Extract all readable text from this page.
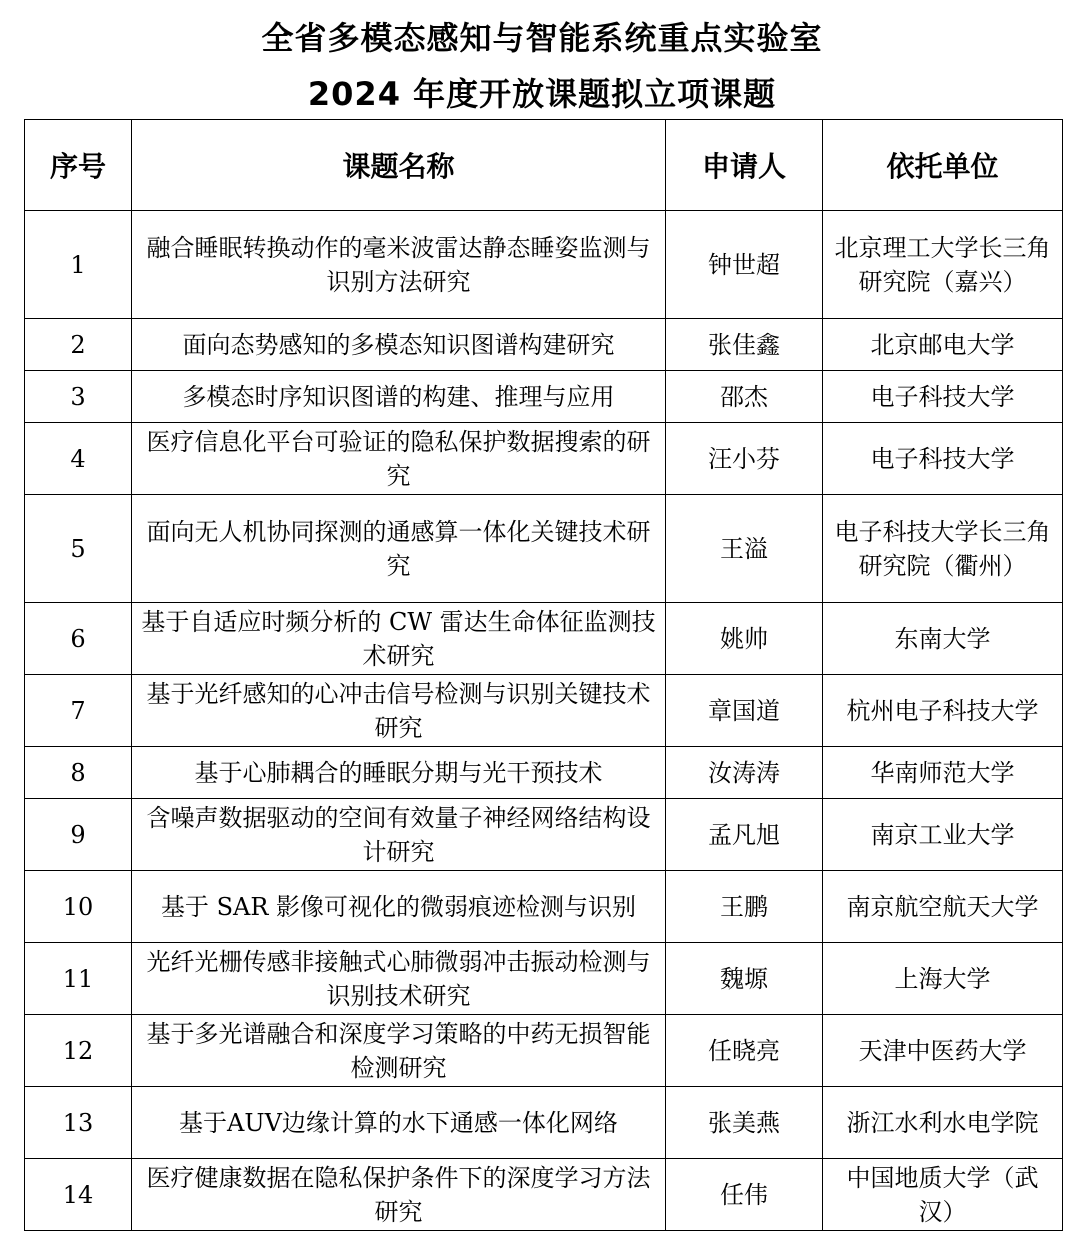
全省多模态感知与智能系统重点实验室
2024 年度开放课题拟立项课题
序号	课题名称	申请人	依托单位
1	融合睡眠转换动作的毫米波雷达静态睡姿监测与识别方法研究	钟世超	北京理工大学长三角研究院（嘉兴）
2	面向态势感知的多模态知识图谱构建研究	张佳鑫	北京邮电大学
3	多模态时序知识图谱的构建、推理与应用	邵杰	电子科技大学
4	医疗信息化平台可验证的隐私保护数据搜索的研究	汪小芬	电子科技大学
5	面向无人机协同探测的通感算一体化关键技术研究	王溢	电子科技大学长三角研究院（衢州）
6	基于自适应时频分析的 CW 雷达生命体征监测技术研究	姚帅	东南大学
7	基于光纤感知的心冲击信号检测与识别关键技术研究	章国道	杭州电子科技大学
8	基于心肺耦合的睡眠分期与光干预技术	汝涛涛	华南师范大学
9	含噪声数据驱动的空间有效量子神经网络结构设计研究	孟凡旭	南京工业大学
10	基于 SAR 影像可视化的微弱痕迹检测与识别	王鹏	南京航空航天大学
11	光纤光栅传感非接触式心肺微弱冲击振动检测与识别技术研究	魏塬	上海大学
12	基于多光谱融合和深度学习策略的中药无损智能检测研究	任晓亮	天津中医药大学
13	基于AUV边缘计算的水下通感一体化网络	张美燕	浙江水利水电学院
14	医疗健康数据在隐私保护条件下的深度学习方法研究	任伟	中国地质大学（武汉）
